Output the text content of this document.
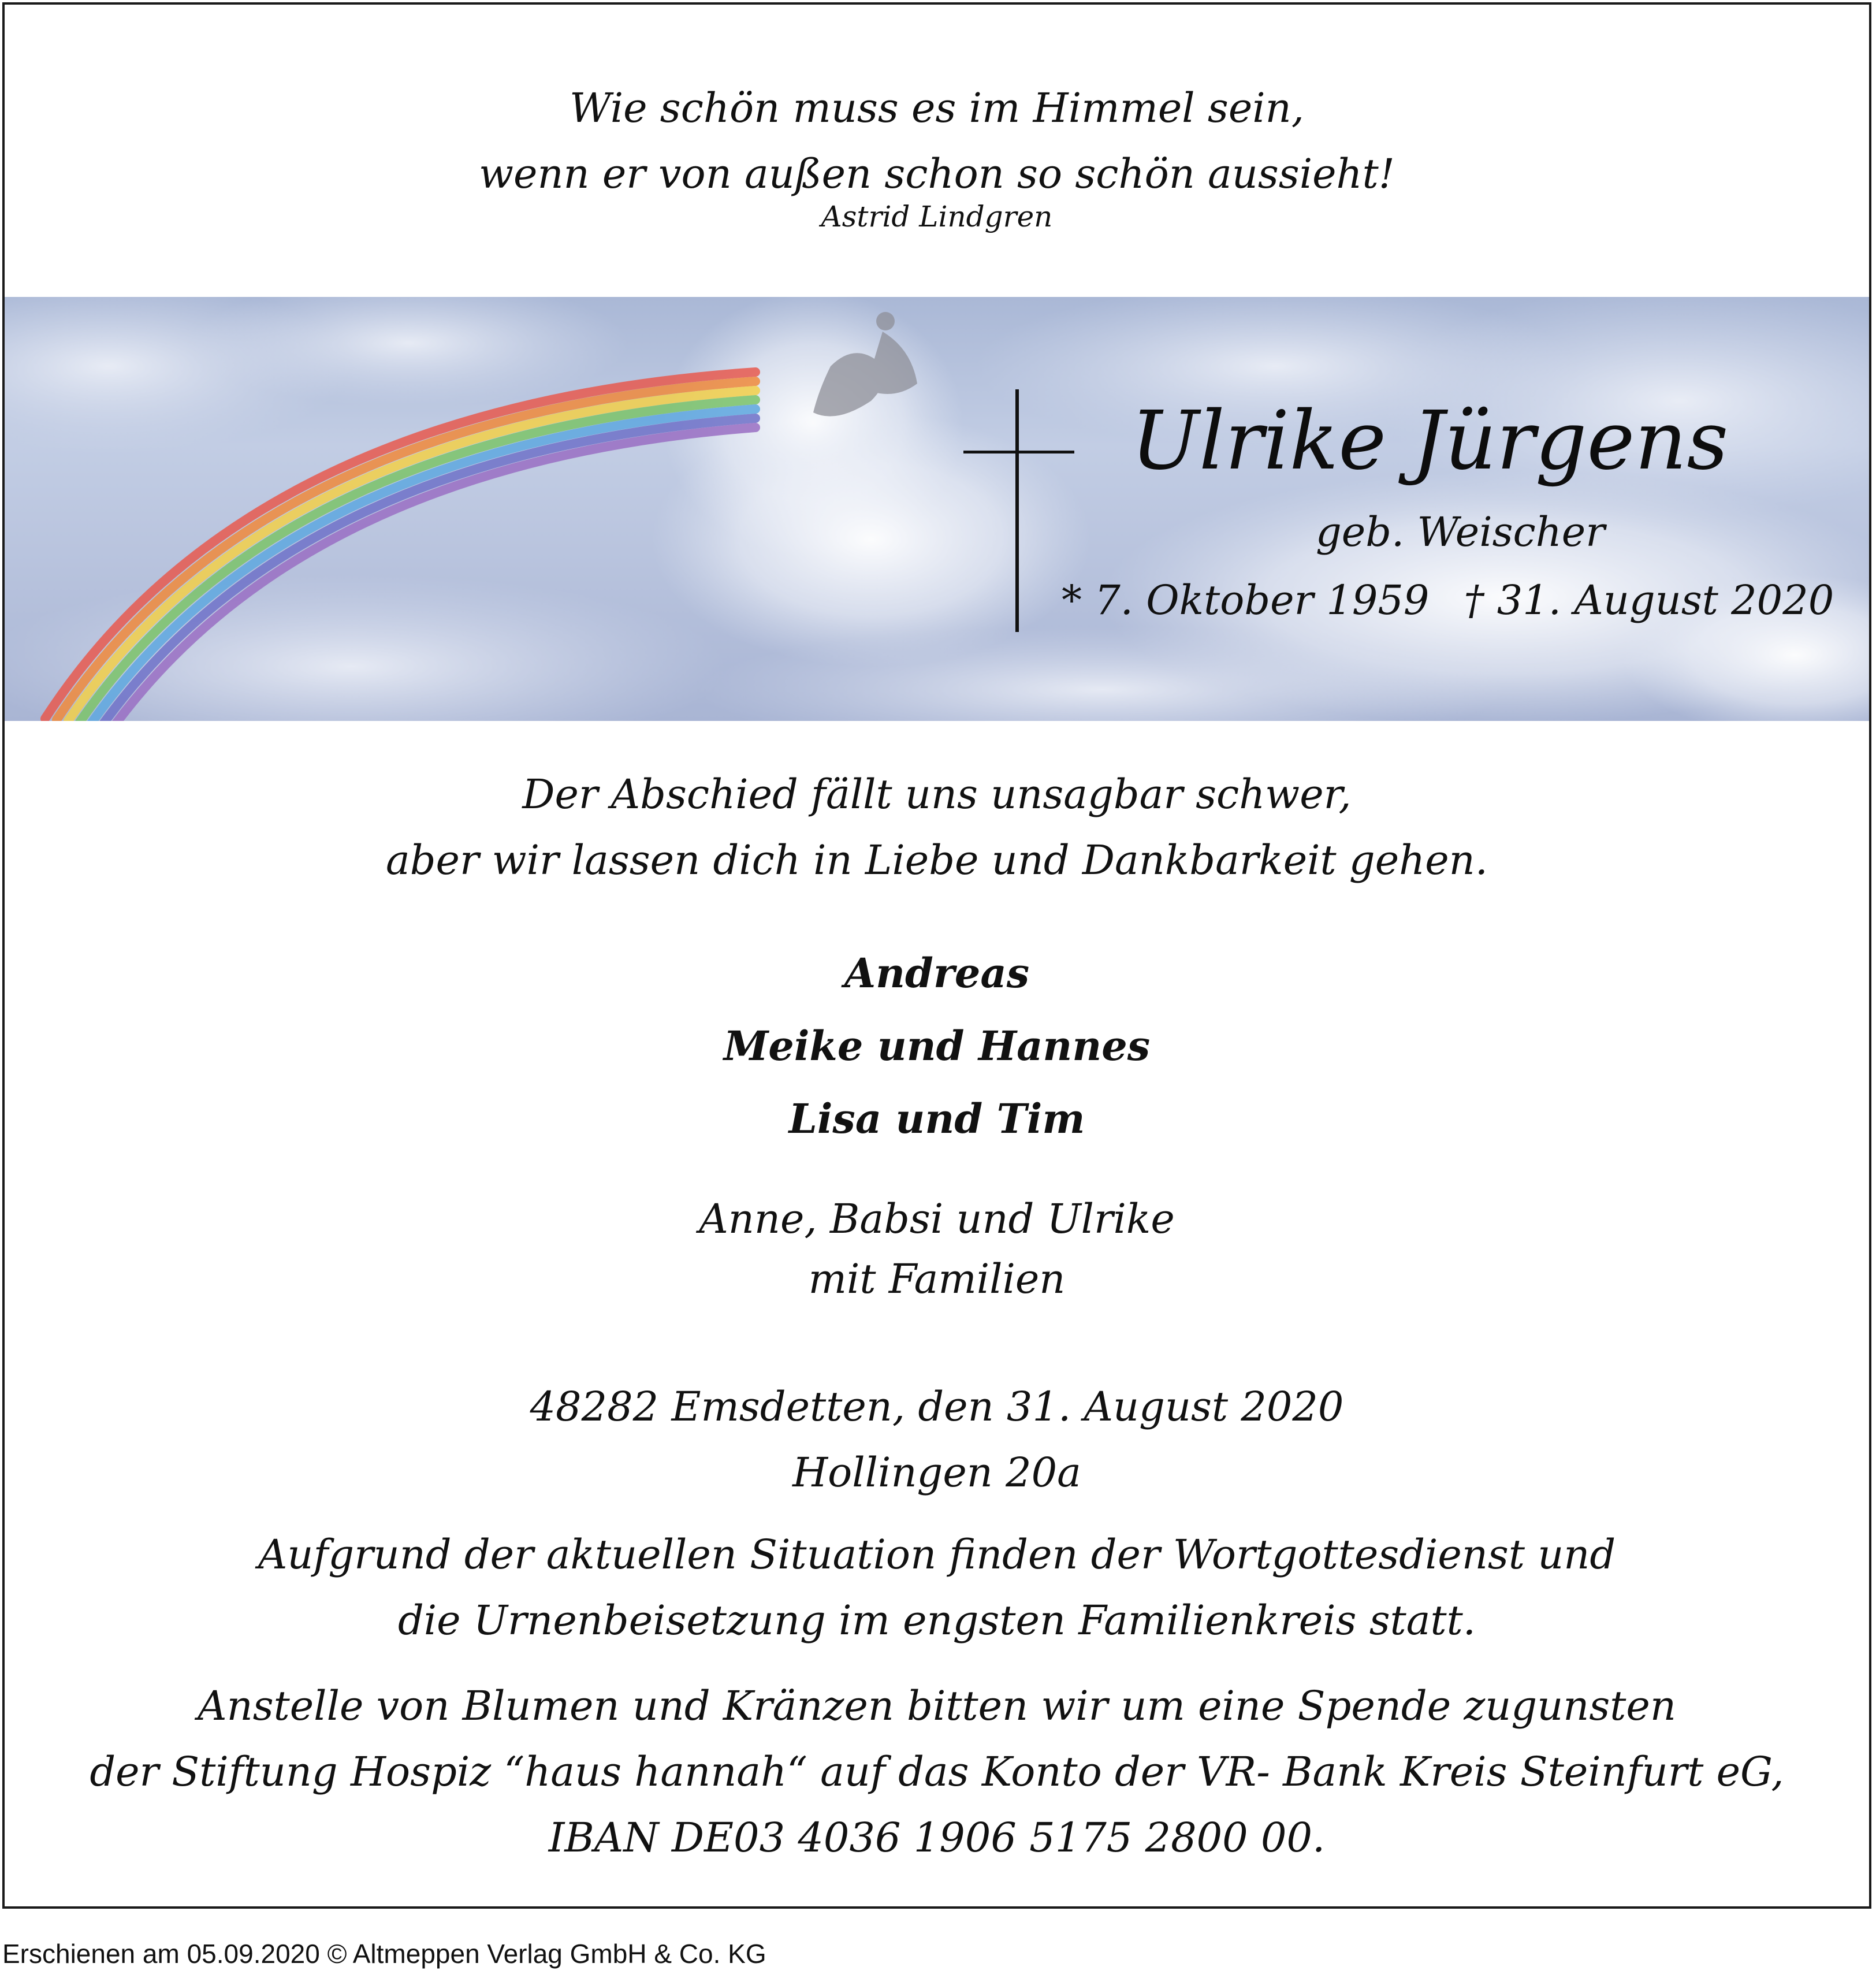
Wie schön muss es im Himmel sein,
wenn er von außen schon so schön aussieht!
Astrid Lindgren
Ulrike Jürgens
geb. Weischer
* 7. Oktober 1959 † 31. August 2020
Der Abschied fällt uns unsagbar schwer,
aber wir lassen dich in Liebe und Dankbarkeit gehen.
Andreas
Meike und Hannes
Lisa und Tim
Anne, Babsi und Ulrike
mit Familien
48282 Emsdetten, den 31. August 2020
Hollingen 20a
Aufgrund der aktuellen Situation finden der Wortgottesdienst und
die Urnenbeisetzung im engsten Familienkreis statt.
Anstelle von Blumen und Kränzen bitten wir um eine Spende zugunsten
der Stiftung Hospiz “haus hannah“ auf das Konto der VR- Bank Kreis Steinfurt eG,
IBAN DE03 4036 1906 5175 2800 00.
Erschienen am 05.09.2020 © Altmeppen Verlag GmbH & Co. KG
